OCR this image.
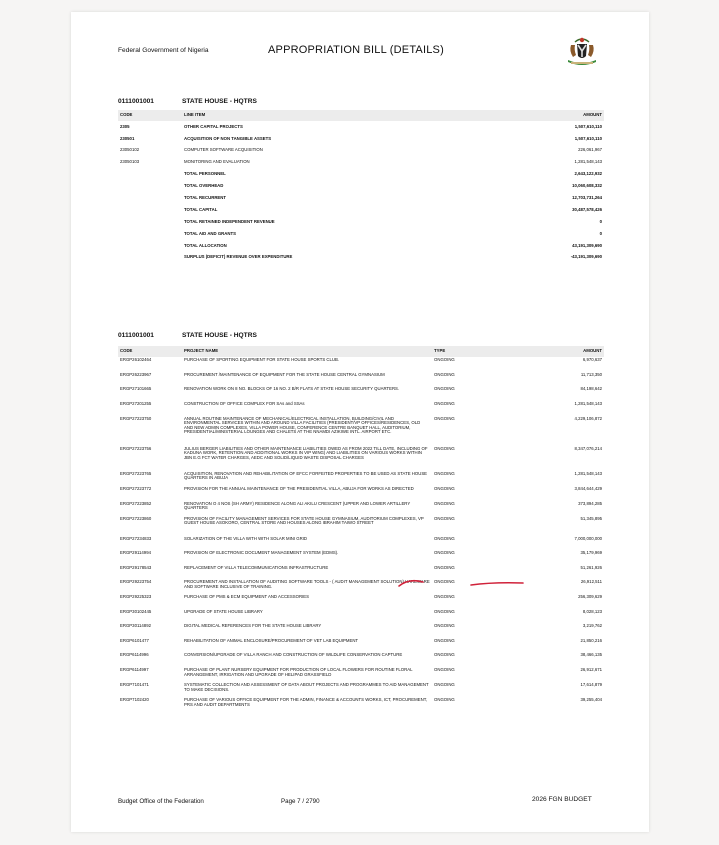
Federal Government of Nigeria	APPROPRIATION BILL (DETAILS)
0111001001	STATE HOUSE - HQTRS
CODE	LINE ITEM	AMOUNT
2305	OTHER CAPITAL PROJECTS	1,507,610,110
230501	ACQUISITION OF NON TANGIBLE ASSETS	1,507,610,110
23050102	COMPUTER SOFTWARE ACQUISITION	226,061,967
23050103	MONITORING AND EVALUATION	1,281,548,143
	TOTAL PERSONNEL	2,643,122,932
	TOTAL OVERHEAD	10,060,608,332
	TOTAL RECURRENT	12,703,731,264
	TOTAL CAPITAL	30,487,578,426
	TOTAL RETAINED INDEPENDENT REVENUE	0
	TOTAL AID AND GRANTS	0
	TOTAL ALLOCATION	43,191,309,690
	SURPLUS (DEFICIT) REVENUE OVER EXPENDITURE	-43,191,309,690
0111001001	STATE HOUSE - HQTRS
CODE	PROJECT NAME	TYPE	AMOUNT
ERGP26102464	PURCHASE OF SPORTING EQUIPMENT FOR STATE HOUSE SPORTS CLUB.	ONGOING	6,970,637
ERGP26223967	PROCUREMENT /MAINTENANCE OF EQUIPMENT FOR THE STATE HOUSE CENTRAL GYMNASIUM	ONGOING	11,713,350
ERGP27101665	RENOVATION WORK ON 8 NO. BLOCKS OF 16 NO. 2 B/R FLATS AT STATE HOUSE SECURITY QUARTERS.	ONGOING	84,198,642
ERGP27201255	CONSTRUCTION OF OFFICE COMPLEX FOR SAs and SSAs	ONGOING	1,281,548,143
ERGP27223750	ANNUAL ROUTINE MAINTENANCE OF MECHANICAL/ELECTRICAL INSTALLATION, BUILDING/CIVIL AND ENVIRONMENTAL SERVICES WITHIN AND AROUND VILLA FACILITIES (PRESIDENT/VP OFFICES/RESIDENCES, OLD AND NEW ADMIN COMPLEXES, VILLA POWER HOUSE, CONFERENCE CENTRE BANQUET HALL, AUDITORIUM, PRESIDENTIAL/MINISTERIAL LOUNGES AND CHALETS AT THE NNAMDI AZIKIWE INTL. AIRPORT ETC.	ONGOING	4,229,106,872
ERGP27223756	JULIUS BERGER LIABILITIES AND OTHER MAINTENANCE LIABILITIES OWED AS FROM 2022 TILL DATE, INCLUDING OF KADUNA WORK, RETENTION AND ADDITIONAL WORKS IN VIP WING) AND LIABILITIES ON VARIOUS WORKS WITHIN JBN E.G FCT WATER CHARGES, AEDC AND SOLID/LIQUID WASTE DISPOSAL CHARGES	ONGOING	8,347,076,214
ERGP27223765	ACQUISITION, RENOVATION AND REHABILITATION OF EFCC FORFEITED PROPERTIES TO BE USED AS STATE HOUSE QUARTERS IN ABUJA	ONGOING	1,281,548,143
ERGP27223772	PROVISION FOR THE ANNUAL MAINTENANCE OF THE PRESIDENTIAL VILLA, ABUJA FOR WORKS AS DIRECTED	ONGOING	3,844,644,429
ERGP27223852	RENOVATION O 4 NOS (SH ARMY) RESIDENCE ALONG ALI AKILU CRESCENT (UPPER AND LOWER ARTILLERY QUARTERS	ONGOING	373,894,285
ERGP27223860	PROVISION OF FACILITY MANAGEMENT SERVICES FOR STATE HOUSE GYMNASIUM, AUDITORIUM COMPLEXES, VP GUEST HOUSE ASOKORO, CENTRAL STORE AND HOUSES ALONG IBRAHIM TAIWO STREET	ONGOING	51,345,895
ERGP27234833	SOLARIZATION OF THE VILLA WITH WITH SOLAR MINI GRID	ONGOING	7,000,000,000
ERGP29114994	PROVISION OF ELECTRONIC DOCUMENT MANAGEMENT SYSTEM (EDMS).	ONGOING	35,179,969
ERGP29178543	REPLACEMENT OF VILLA TELECOMMUNICATIONS INFRASTRUCTURE	ONGOING	51,261,926
ERGP29223754	PROCUREMENT AND INSTALLATION OF AUDITING SOFTWARE TOOLS - ( AUDIT MANAGEMENT SOLUTION) HAREWARE AND SOFTWARE INCLUSIVE OF TRAINING.	ONGOING	26,912,511
ERGP29225323	PURCHASE OF PMS & ECM EQUIPMENT AND ACCESSORIES	ONGOING	256,309,629
ERGP30102445	UPGRADE OF STATE HOUSE LIBRARY	ONGOING	8,028,123
ERGP30114892	DIGITAL MEDICAL REFERENCES FOR THE STATE HOUSE LIBRARY	ONGOING	3,219,762
ERGP6101477	REHABILITATION OF ANIMAL ENCLOSURE/PROCUREMENT OF VET LAB EQUIPMENT	ONGOING	21,850,216
ERGP6114996	CONVERSION/UPGRADE OF VILLA RANCH AND CONSTRUCTION OF WILDLIFE CONSERVATION CAPTURE	ONGOING	38,466,135
ERGP6114997	PURCHASE OF PLANT NURSERY EQUIPMENT FOR PRODUCTION OF LOCAL FLOWERS FOR ROUTINE FLORAL ARRANGEMENT, IRRIGATION AND UPGRADE OF HELIPAD GRASSFIELD	ONGOING	26,912,671
ERGP7101471	SYSTEMATIC COLLECTION AND ASSESSMENT OF DATA ABOUT PROJECTS AND PROGRAMMES TO AID MANAGEMENT TO MAKE DECISIONS.	ONGOING	17,614,879
ERGP7102420	PURCHASE OF VARIOUS OFFICE EQUIPMENT FOR THE ADMIN, FINANCE & ACCOUNTS WORKS, ICT, PROCUREMENT, PRS AND AUDIT DEPARTMENTS	ONGOING	39,255,404
Budget Office of the Federation	Page 7 / 2790	2026 FGN BUDGET
